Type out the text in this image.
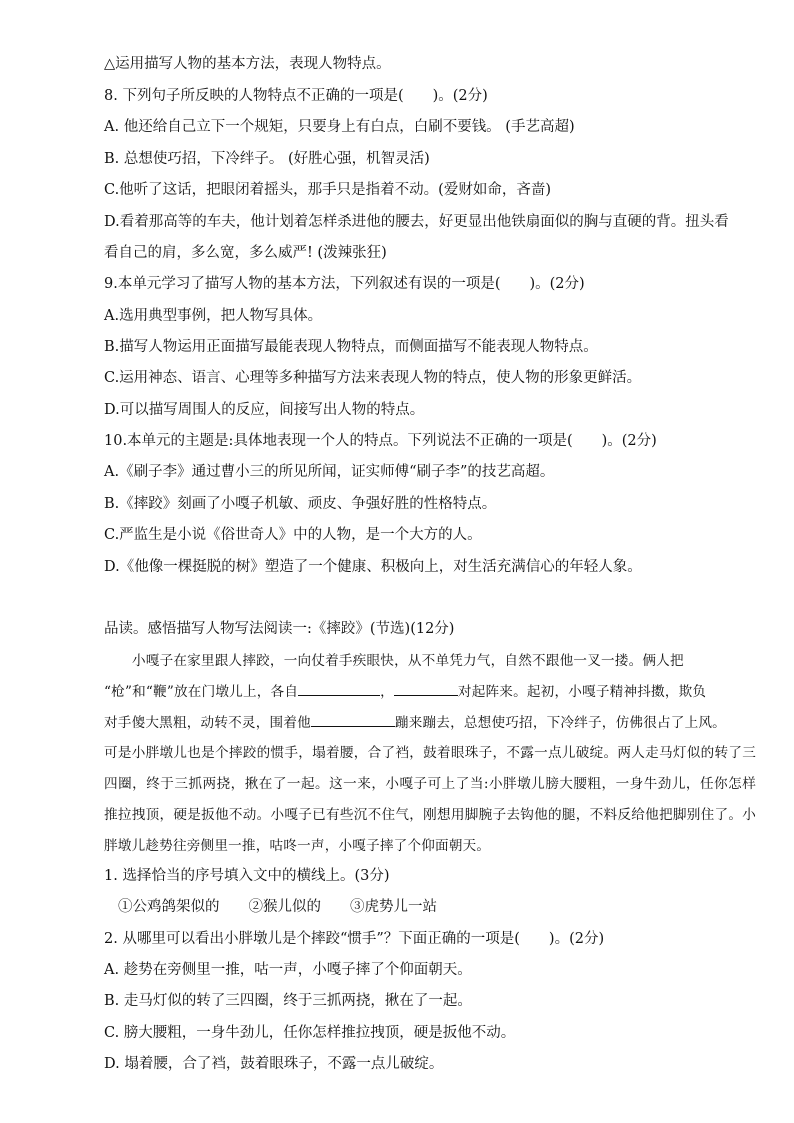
△运用描写人物的基本方法，表现人物特点。
8. 下列句子所反映的人物特点不正确的一项是(　　)。(2分)
A. 他还给自己立下一个规矩，只要身上有白点，白刷不要钱。 (手艺高超)
B. 总想使巧招，下冷绊子。 (好胜心强，机智灵活)
C.他听了这话，把眼闭着摇头，那手只是指着不动。(爱财如命，吝啬)
D.看着那高等的车夫，他计划着怎样杀进他的腰去，好更显出他铁扇面似的胸与直硬的背。扭头看
看自己的肩，多么宽，多么威严! (泼辣张狂)
9.本单元学习了描写人物的基本方法，下列叙述有误的一项是(　　)。(2分)
A.选用典型事例，把人物写具体。
B.描写人物运用正面描写最能表现人物特点，而侧面描写不能表现人物特点。
C.运用神态、语言、心理等多种描写方法来表现人物的特点，使人物的形象更鲜活。
D.可以描写周围人的反应，间接写出人物的特点。
10.本单元的主题是:具体地表现一个人的特点。下列说法不正确的一项是(　　)。(2分)
A.《刷子李》通过曹小三的所见所闻，证实师傅“刷子李”的技艺高超。
B.《摔跤》刻画了小嘎子机敏、顽皮、争强好胜的性格特点。
C.严监生是小说《俗世奇人》中的人物，是一个大方的人。
D.《他像一棵挺脱的树》塑造了一个健康、积极向上，对生活充满信心的年轻人象。
品读。感悟描写人物写法阅读一:《摔跤》(节选)(12分)
小嘎子在家里跟人摔跤，一向仗着手疾眼快，从不单凭力气，自然不跟他一叉一搂。俩人把
“枪”和“鞭”放在门墩儿上，各自	，	对起阵来。起初，小嘎子精神抖擞，欺负
对手傻大黑粗，动转不灵，围着他	蹦来蹦去，总想使巧招，下冷绊子，仿佛很占了上风。
可是小胖墩儿也是个摔跤的惯手，塌着腰，合了裆，鼓着眼珠子，不露一点儿破绽。两人走马灯似的转了三四圈，终于三抓两挠，揪在了一起。这一来，小嘎子可上了当:小胖墩儿膀大腰粗，一身牛劲儿，任你怎样推拉拽顶，硬是扳他不动。小嘎子已有些沉不住气，刚想用脚腕子去钩他的腿，不料反给他把脚别住了。小胖墩儿趁势往旁侧里一推，咕咚一声，小嘎子摔了个仰面朝天。
1. 选择恰当的序号填入文中的横线上。(3分)
①公鸡鸽架似的　　②猴儿似的　　③虎势儿一站
2. 从哪里可以看出小胖墩儿是个摔跤“惯手”？下面正确的一项是(　　)。(2分)
A. 趁势在旁侧里一推，咕一声，小嘎子摔了个仰面朝天。
B. 走马灯似的转了三四圈，终于三抓两挠，揪在了一起。
C. 膀大腰粗，一身牛劲儿，任你怎样推拉拽顶，硬是扳他不动。
D. 塌着腰，合了裆，鼓着眼珠子，不露一点儿破绽。
